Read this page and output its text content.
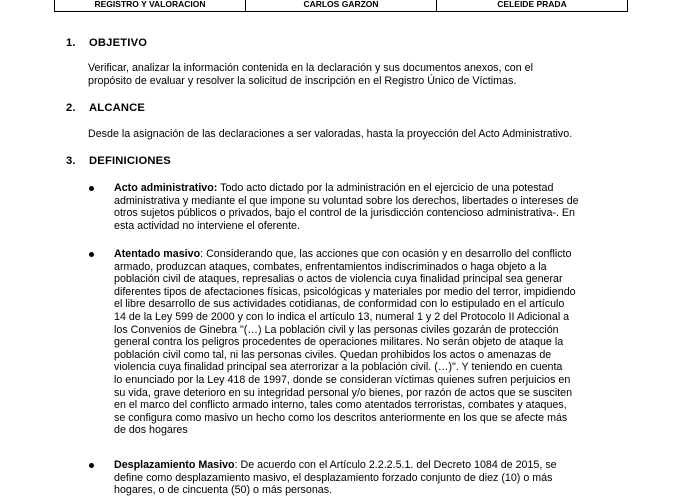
REGISTRO Y VALORACION	CARLOS GARZON	CELEIDE PRADA
1. OBJETIVO
Verificar, analizar la información contenida en la declaración y sus documentos anexos, con el
propósito de evaluar y resolver la solicitud de inscripción en el Registro Único de Víctimas.
2. ALCANCE
Desde la asignación de las declaraciones a ser valoradas, hasta la proyección del Acto Administrativo.
3. DEFINICIONES
Acto administrativo: Todo acto dictado por la administración en el ejercicio de una potestad
administrativa y mediante el que impone su voluntad sobre los derechos, libertades o intereses de
otros sujetos públicos o privados, bajo el control de la jurisdicción contencioso administrativa-. En
esta actividad no interviene el oferente.
Atentado masivo: Considerando que, las acciones que con ocasión y en desarrollo del conflicto
armado, produzcan ataques, combates, enfrentamientos indiscriminados o haga objeto a la
población civil de ataques, represalias o actos de violencia cuya finalidad principal sea generar
diferentes tipos de afectaciones físicas, psicológicas y materiales por medio del terror, impidiendo
el libre desarrollo de sus actividades cotidianas, de conformidad con lo estipulado en el artículo
14 de la Ley 599 de 2000 y con lo indica el artículo 13, numeral 1 y 2 del Protocolo II Adicional a
los Convenios de Ginebra "(…) La población civil y las personas civiles gozarán de protección
general contra los peligros procedentes de operaciones militares. No serán objeto de ataque la
población civil como tal, ni las personas civiles. Quedan prohibidos los actos o amenazas de
violencia cuya finalidad principal sea aterrorizar a la población civil. (…)". Y teniendo en cuenta
lo enunciado por la Ley 418 de 1997, donde se consideran víctimas quienes sufren perjuicios en
su vida, grave deterioro en su integridad personal y/o bienes, por razón de actos que se susciten
en el marco del conflicto armado interno, tales como atentados terroristas, combates y ataques,
se configura como masivo un hecho como los descritos anteriormente en los que se afecte más
de dos hogares
Desplazamiento Masivo: De acuerdo con el Artículo 2.2.2.5.1. del Decreto 1084 de 2015, se
define como desplazamiento masivo, el desplazamiento forzado conjunto de diez (10) o más
hogares, o de cincuenta (50) o más personas.
